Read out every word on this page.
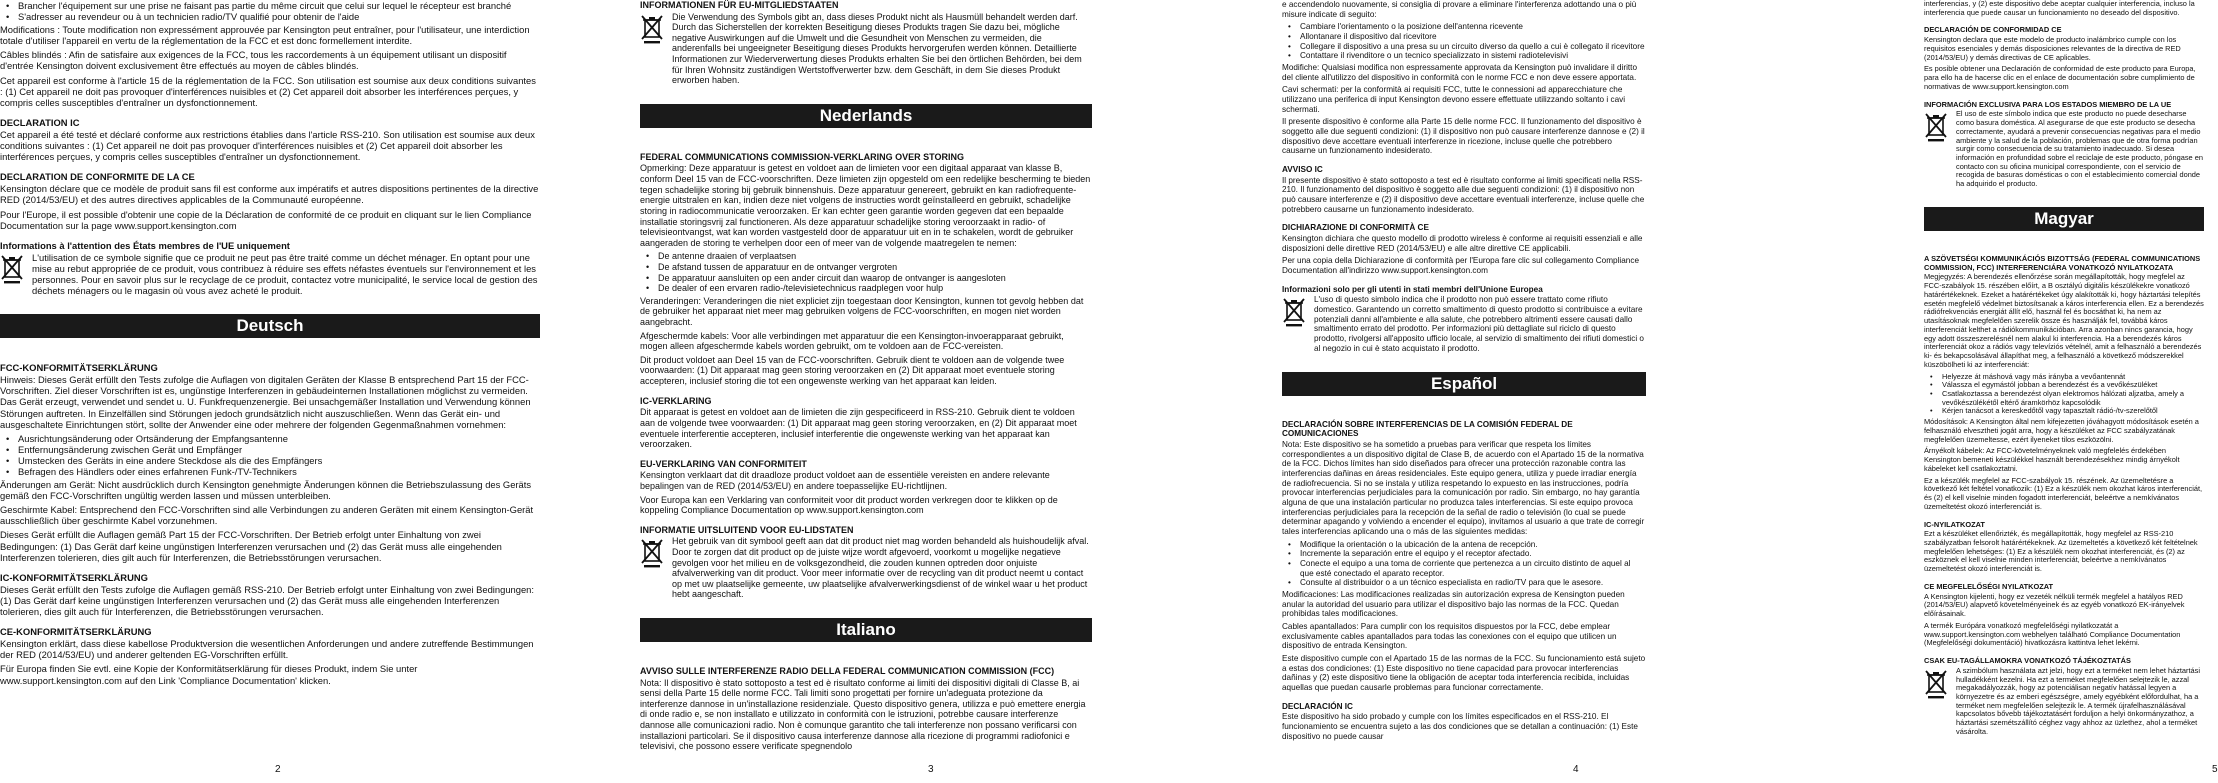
• Brancher l'équipement sur une prise ne faisant pas partie du même circuit que celui sur lequel le récepteur est branché
• S'adresser au revendeur ou à un technicien radio/TV qualifié pour obtenir de l'aide
Modifications : Toute modification non expressément approuvée par Kensington peut entraîner, pour l'utilisateur, une interdiction totale d'utiliser l'appareil en vertu de la réglementation de la FCC et est donc formellement interdite.
Câbles blindés : Afin de satisfaire aux exigences de la FCC, tous les raccordements à un équipement utilisant un dispositif d'entrée Kensington doivent exclusivement être effectués au moyen de câbles blindés.
Cet appareil est conforme à l'article 15 de la réglementation de la FCC. Son utilisation est soumise aux deux conditions suivantes : (1) Cet appareil ne doit pas provoquer d'interférences nuisibles et (2) Cet appareil doit absorber les interférences perçues, y compris celles susceptibles d'entraîner un dysfonctionnement.
DECLARATION IC
Cet appareil a été testé et déclaré conforme aux restrictions établies dans l'article RSS-210. Son utilisation est soumise aux deux conditions suivantes : (1) Cet appareil ne doit pas provoquer d'interférences nuisibles et (2) Cet appareil doit absorber les interférences perçues, y compris celles susceptibles d'entraîner un dysfonctionnement.
DECLARATION DE CONFORMITE DE LA CE
Kensington déclare que ce modèle de produit sans fil est conforme aux impératifs et autres dispositions pertinentes de la directive RED (2014/53/EU) et des autres directives applicables de la Communauté européenne.
Pour l'Europe, il est possible d'obtenir une copie de la Déclaration de conformité de ce produit en cliquant sur le lien Compliance Documentation sur la page www.support.kensington.com
Informations à l'attention des États membres de l'UE uniquement
L'utilisation de ce symbole signifie que ce produit ne peut pas être traité comme un déchet ménager. En optant pour une mise au rebut appropriée de ce produit, vous contribuez à réduire ses effets néfastes éventuels sur l'environnement et les personnes. Pour en savoir plus sur le recyclage de ce produit, contactez votre municipalité, le service local de gestion des déchets ménagers ou le magasin où vous avez acheté le produit.
Deutsch
FCC-KONFORMITÄTSERKLÄRUNG
Hinweis: Dieses Gerät erfüllt den Tests zufolge die Auflagen von digitalen Geräten der Klasse B entsprechend Part 15 der FCC-Vorschriften. Ziel dieser Vorschriften ist es, ungünstige Interferenzen in gebäudeinternen Installationen möglichst zu vermeiden. Das Gerät erzeugt, verwendet und sendet u. U. Funkfrequenzenergie. Bei unsachgemäßer Installation und Verwendung können Störungen auftreten. In Einzelfällen sind Störungen jedoch grundsätzlich nicht auszuschließen. Wenn das Gerät ein- und ausgeschaltete Einrichtungen stört, sollte der Anwender eine oder mehrere der folgenden Gegenmaßnahmen vornehmen:
• Ausrichtungsänderung oder Ortsänderung der Empfangsantenne
• Entfernungsänderung zwischen Gerät und Empfänger
• Umstecken des Geräts in eine andere Steckdose als die des Empfängers
• Befragen des Händlers oder eines erfahrenen Funk-/TV-Technikers
Änderungen am Gerät: Nicht ausdrücklich durch Kensington genehmigte Änderungen können die Betriebszulassung des Geräts gemäß den FCC-Vorschriften ungültig werden lassen und müssen unterbleiben.
Geschirmte Kabel: Entsprechend den FCC-Vorschriften sind alle Verbindungen zu anderen Geräten mit einem Kensington-Gerät ausschließlich über geschirmte Kabel vorzunehmen.
Dieses Gerät erfüllt die Auflagen gemäß Part 15 der FCC-Vorschriften. Der Betrieb erfolgt unter Einhaltung von zwei Bedingungen: (1) Das Gerät darf keine ungünstigen Interferenzen verursachen und (2) das Gerät muss alle eingehenden Interferenzen tolerieren, dies gilt auch für Interferenzen, die Betriebsstörungen verursachen.
IC-KONFORMITÄTSERKLÄRUNG
Dieses Gerät erfüllt den Tests zufolge die Auflagen gemäß RSS-210. Der Betrieb erfolgt unter Einhaltung von zwei Bedingungen: (1) Das Gerät darf keine ungünstigen Interferenzen verursachen und (2) das Gerät muss alle eingehenden Interferenzen tolerieren, dies gilt auch für Interferenzen, die Betriebsstörungen verursachen.
CE-KONFORMITÄTSERKLÄRUNG
Kensington erklärt, dass diese kabellose Produktversion die wesentlichen Anforderungen und andere zutreffende Bestimmungen der RED (2014/53/EU) und anderer geltenden EG-Vorschriften erfüllt.
Für Europa finden Sie evtl. eine Kopie der Konformitätserklärung für dieses Produkt, indem Sie unter www.support.kensington.com auf den Link 'Compliance Documentation' klicken.
2
INFORMATIONEN FÜR EU-MITGLIEDSTAATEN
Die Verwendung des Symbols gibt an, dass dieses Produkt nicht als Hausmüll behandelt werden darf. Durch das Sicherstellen der korrekten Beseitigung dieses Produkts tragen Sie dazu bei, mögliche negative Auswirkungen auf die Umwelt und die Gesundheit von Menschen zu vermeiden, die anderenfalls bei ungeeigneter Beseitigung dieses Produkts hervorgerufen werden können. Detaillierte Informationen zur Wiederverwertung dieses Produkts erhalten Sie bei den örtlichen Behörden, bei dem für Ihren Wohnsitz zuständigen Wertstoffverwerter bzw. dem Geschäft, in dem Sie dieses Produkt erworben haben.
Nederlands
FEDERAL COMMUNICATIONS COMMISSION-VERKLARING OVER STORING
Opmerking: Deze apparatuur is getest en voldoet aan de limieten voor een digitaal apparaat van klasse B, conform Deel 15 van de FCC-voorschriften. Deze limieten zijn opgesteld om een redelijke bescherming te bieden tegen schadelijke storing bij gebruik binnenshuis. Deze apparatuur genereert, gebruikt en kan radiofrequente-energie uitstralen en kan, indien deze niet volgens de instructies wordt geïnstalleerd en gebruikt, schadelijke storing in radiocommunicatie veroorzaken. Er kan echter geen garantie worden gegeven dat een bepaalde installatie storingsvrij zal functioneren. Als deze apparatuur schadelijke storing veroorzaakt in radio- of televisieontvangst, wat kan worden vastgesteld door de apparatuur uit en in te schakelen, wordt de gebruiker aangeraden de storing te verhelpen door een of meer van de volgende maatregelen te nemen:
• De antenne draaien of verplaatsen
• De afstand tussen de apparatuur en de ontvanger vergroten
• De apparatuur aansluiten op een ander circuit dan waarop de ontvanger is aangesloten
• De dealer of een ervaren radio-/televisietechnicus raadplegen voor hulp
Veranderingen: Veranderingen die niet expliciet zijn toegestaan door Kensington, kunnen tot gevolg hebben dat de gebruiker het apparaat niet meer mag gebruiken volgens de FCC-voorschriften, en mogen niet worden aangebracht.
Afgeschermde kabels: Voor alle verbindingen met apparatuur die een Kensington-invoerapparaat gebruikt, mogen alleen afgeschermde kabels worden gebruikt, om te voldoen aan de FCC-vereisten.
Dit product voldoet aan Deel 15 van de FCC-voorschriften. Gebruik dient te voldoen aan de volgende twee voorwaarden: (1) Dit apparaat mag geen storing veroorzaken en (2) Dit apparaat moet eventuele storing accepteren, inclusief storing die tot een ongewenste werking van het apparaat kan leiden.
IC-VERKLARING
Dit apparaat is getest en voldoet aan de limieten die zijn gespecificeerd in RSS-210. Gebruik dient te voldoen aan de volgende twee voorwaarden: (1) Dit apparaat mag geen storing veroorzaken, en (2) Dit apparaat moet eventuele interferentie accepteren, inclusief interferentie die ongewenste werking van het apparaat kan veroorzaken.
EU-VERKLARING VAN CONFORMITEIT
Kensington verklaart dat dit draadloze product voldoet aan de essentiële vereisten en andere relevante bepalingen van de RED (2014/53/EU) en andere toepasselijke EU-richtlijnen.
Voor Europa kan een Verklaring van conformiteit voor dit product worden verkregen door te klikken op de koppeling Compliance Documentation op www.support.kensington.com
INFORMATIE UITSLUITEND VOOR EU-LIDSTATEN
Het gebruik van dit symbool geeft aan dat dit product niet mag worden behandeld als huishoudelijk afval. Door te zorgen dat dit product op de juiste wijze wordt afgevoerd, voorkomt u mogelijke negatieve gevolgen voor het milieu en de volksgezondheid, die zouden kunnen optreden door onjuiste afvalverwerking van dit product. Voor meer informatie over de recycling van dit product neemt u contact op met uw plaatselijke gemeente, uw plaatselijke afvalverwerkingsdienst of de winkel waar u het product hebt aangeschaft.
Italiano
AVVISO SULLE INTERFERENZE RADIO DELLA FEDERAL COMMUNICATION COMMISSION (FCC)
Nota: Il dispositivo è stato sottoposto a test ed è risultato conforme ai limiti dei dispositivi digitali di Classe B, ai sensi della Parte 15 delle norme FCC. Tali limiti sono progettati per fornire un'adeguata protezione da interferenze dannose in un'installazione residenziale. Questo dispositivo genera, utilizza e può emettere energia di onde radio e, se non installato e utilizzato in conformità con le istruzioni, potrebbe causare interferenze dannose alle comunicazioni radio. Non è comunque garantito che tali interferenze non possano verificarsi con installazioni particolari. Se il dispositivo causa interferenze dannose alla ricezione di programmi radiofonici e televisivi, che possono essere verificate spegnendolo
3
e accendendolo nuovamente, si consiglia di provare a eliminare l'interferenza adottando una o più misure indicate di seguito:
• Cambiare l'orientamento o la posizione dell'antenna ricevente
• Allontanare il dispositivo dal ricevitore
• Collegare il dispositivo a una presa su un circuito diverso da quello a cui è collegato il ricevitore
• Contattare il rivenditore o un tecnico specializzato in sistemi radiotelevisivi
Modifiche: Qualsiasi modifica non espressamente approvata da Kensington può invalidare il diritto del cliente all'utilizzo del dispositivo in conformità con le norme FCC e non deve essere apportata.
Cavi schermati: per la conformità ai requisiti FCC, tutte le connessioni ad apparecchiature che utilizzano una periferica di input Kensington devono essere effettuate utilizzando soltanto i cavi schermati.
Il presente dispositivo è conforme alla Parte 15 delle norme FCC. Il funzionamento del dispositivo è soggetto alle due seguenti condizioni: (1) il dispositivo non può causare interferenze dannose e (2) il dispositivo deve accettare eventuali interferenze in ricezione, incluse quelle che potrebbero causarne un funzionamento indesiderato.
AVVISO IC
Il presente dispositivo è stato sottoposto a test ed è risultato conforme ai limiti specificati nella RSS-210. Il funzionamento del dispositivo è soggetto alle due seguenti condizioni: (1) il dispositivo non può causare interferenze e (2) il dispositivo deve accettare eventuali interferenze, incluse quelle che potrebbero causarne un funzionamento indesiderato.
DICHIARAZIONE DI CONFORMITÀ CE
Kensington dichiara che questo modello di prodotto wireless è conforme ai requisiti essenziali e alle disposizioni delle direttive RED (2014/53/EU) e alle altre direttive CE applicabili.
Per una copia della Dichiarazione di conformità per l'Europa fare clic sul collegamento Compliance Documentation all'indirizzo www.support.kensington.com
Informazioni solo per gli utenti in stati membri dell'Unione Europea
L'uso di questo simbolo indica che il prodotto non può essere trattato come rifiuto domestico. Garantendo un corretto smaltimento di questo prodotto si contribuisce a evitare potenziali danni all'ambiente e alla salute, che potrebbero altrimenti essere causati dallo smaltimento errato del prodotto. Per informazioni più dettagliate sul riciclo di questo prodotto, rivolgersi all'apposito ufficio locale, al servizio di smaltimento dei rifiuti domestici o al negozio in cui è stato acquistato il prodotto.
Español
DECLARACIÓN SOBRE INTERFERENCIAS DE LA COMISIÓN FEDERAL DE COMUNICACIONES
Nota: Este dispositivo se ha sometido a pruebas para verificar que respeta los límites correspondientes a un dispositivo digital de Clase B, de acuerdo con el Apartado 15 de la normativa de la FCC. Dichos límites han sido diseñados para ofrecer una protección razonable contra las interferencias dañinas en áreas residenciales. Este equipo genera, utiliza y puede irradiar energía de radiofrecuencia. Si no se instala y utiliza respetando lo expuesto en las instrucciones, podría provocar interferencias perjudiciales para la comunicación por radio. Sin embargo, no hay garantía alguna de que una instalación particular no produzca tales interferencias. Si este equipo provoca interferencias perjudiciales para la recepción de la señal de radio o televisión (lo cual se puede determinar apagando y volviendo a encender el equipo), invitamos al usuario a que trate de corregir tales interferencias aplicando una o más de las siguientes medidas:
• Modifique la orientación o la ubicación de la antena de recepción.
• Incremente la separación entre el equipo y el receptor afectado.
• Conecte el equipo a una toma de corriente que pertenezca a un circuito distinto de aquel al que esté conectado el aparato receptor.
• Consulte al distribuidor o a un técnico especialista en radio/TV para que le asesore.
Modificaciones: Las modificaciones realizadas sin autorización expresa de Kensington pueden anular la autoridad del usuario para utilizar el dispositivo bajo las normas de la FCC. Quedan prohibidas tales modificaciones.
Cables apantallados: Para cumplir con los requisitos dispuestos por la FCC, debe emplear exclusivamente cables apantallados para todas las conexiones con el equipo que utilicen un dispositivo de entrada Kensington.
Este dispositivo cumple con el Apartado 15 de las normas de la FCC. Su funcionamiento está sujeto a estas dos condiciones: (1) Este dispositivo no tiene capacidad para provocar interferencias dañinas y (2) este dispositivo tiene la obligación de aceptar toda interferencia recibida, incluidas aquellas que puedan causarle problemas para funcionar correctamente.
DECLARACIÓN IC
Este dispositivo ha sido probado y cumple con los límites especificados en el RSS-210. El funcionamiento se encuentra sujeto a las dos condiciones que se detallan a continuación: (1) Este dispositivo no puede causar
4
interferencias, y (2) este dispositivo debe aceptar cualquier interferencia, incluso la interferencia que puede causar un funcionamiento no deseado del dispositivo.
DECLARACIÓN DE CONFORMIDAD CE
Kensington declara que este modelo de producto inalámbrico cumple con los requisitos esenciales y demás disposiciones relevantes de la directiva de RED (2014/53/EU) y demás directivas de CE aplicables.
Es posible obtener una Declaración de conformidad de este producto para Europa, para ello ha de hacerse clic en el enlace de documentación sobre cumplimiento de normativas de www.support.kensington.com
INFORMACIÓN EXCLUSIVA PARA LOS ESTADOS MIEMBRO DE LA UE
El uso de este símbolo indica que este producto no puede desecharse como basura doméstica. Al asegurarse de que este producto se desecha correctamente, ayudará a prevenir consecuencias negativas para el medio ambiente y la salud de la población, problemas que de otra forma podrían surgir como consecuencia de su tratamiento inadecuado. Si desea información en profundidad sobre el reciclaje de este producto, póngase en contacto con su oficina municipal correspondiente, con el servicio de recogida de basuras domésticas o con el establecimiento comercial donde ha adquirido el producto.
Magyar
A SZÖVETSÉGI KOMMUNIKÁCIÓS BIZOTTSÁG (FEDERAL COMMUNICATIONS COMMISSION, FCC) INTERFERENCIÁRA VONATKOZÓ NYILATKOZATA
Megjegyzés: A berendezés ellenőrzése során megállapították, hogy megfelel az FCC-szabályok 15. részében előírt, a B osztályú digitális készülékekre vonatkozó határértékeknek. Ezeket a határértékeket úgy alakították ki, hogy háztartási telepítés esetén megfelelő védelmet biztosítsanak a káros interferencia ellen. Ez a berendezés rádiófrekvenciás energiát állít elő, használ fel és bocsáthat ki, ha nem az utasításoknak megfelelően szerelik össze és használják fel, továbbá káros interferenciát kelthet a rádiókommunikációban. Arra azonban nincs garancia, hogy egy adott összeszerelésnél nem alakul ki interferencia. Ha a berendezés káros interferenciát okoz a rádiós vagy televíziós vételnél, amit a felhasználó a berendezés ki- és bekapcsolásával állapíthat meg, a felhasználó a következő módszerekkel küszöbölheti ki az interferenciát:
• Helyezze át máshová vagy más irányba a vevőantennát
• Válassza el egymástól jobban a berendezést és a vevőkészüléket
• Csatlakoztassa a berendezést olyan elektromos hálózati aljzatba, amely a vevőkészülékétől eltérő áramkörhöz kapcsolódik
• Kérjen tanácsot a kereskedőtől vagy tapasztalt rádió-/tv-szerelőtől
Módosítások: A Kensington által nem kifejezetten jóváhagyott módosítások esetén a felhasználó elvesztheti jogát arra, hogy a készüléket az FCC szabályzatának megfelelően üzemeltesse, ezért ilyeneket tilos eszközölni.
Árnyékolt kábelek: Az FCC-követelményeknek való megfelelés érdekében Kensington bemeneti készülékkel használt berendezésekhez mindig árnyékolt kábeleket kell csatlakoztatni.
Ez a készülék megfelel az FCC-szabályok 15. részének. Az üzemeltetésre a következő két feltétel vonatkozik: (1) Ez a készülék nem okozhat káros interferenciát, és (2) el kell viselnie minden fogadott interferenciát, beleértve a nemkívánatos üzemeltetést okozó interferenciát is.
IC-NYILATKOZAT
Ezt a készüléket ellenőrizték, és megállapították, hogy megfelel az RSS-210 szabályzatban felsorolt határértékeknek. Az üzemeltetés a következő két feltételnek megfelelően lehetséges: (1) Ez a készülék nem okozhat interferenciát, és (2) az eszköznek el kell viselnie minden interferenciát, beleértve a nemkívánatos üzemeltetést okozó interferenciát is.
CE MEGFELELŐSÉGI NYILATKOZAT
A Kensington kijelenti, hogy ez vezeték nélküli termék megfelel a hatályos RED (2014/53/EU) alapvető követelményeinek és az egyéb vonatkozó EK-irányelvek előírásainak.
A termék Európára vonatkozó megfelelőségi nyilatkozatát a www.support.kensington.com webhelyen található Compliance Documentation (Megfelelőségi dokumentáció) hivatkozásra kattintva lehet lekérni.
CSAK EU-TAGÁLLAMOKRA VONATKOZÓ TÁJÉKOZTATÁS
A szimbólum használata azt jelzi, hogy ezt a terméket nem lehet háztartási hulladékként kezelni. Ha ezt a terméket megfelelően selejtezik le, azzal megakadályozzák, hogy az potenciálisan negatív hatással legyen a környezetre és az emberi egészségre, amely egyébként előfordulhat, ha a terméket nem megfelelően selejtezik le. A termék újrafelhasználásával kapcsolatos bővebb tájékoztatásért forduljon a helyi önkormányzathoz, a háztartási szemétszállító céghez vagy ahhoz az üzlethez, ahol a terméket vásárolta.
5
